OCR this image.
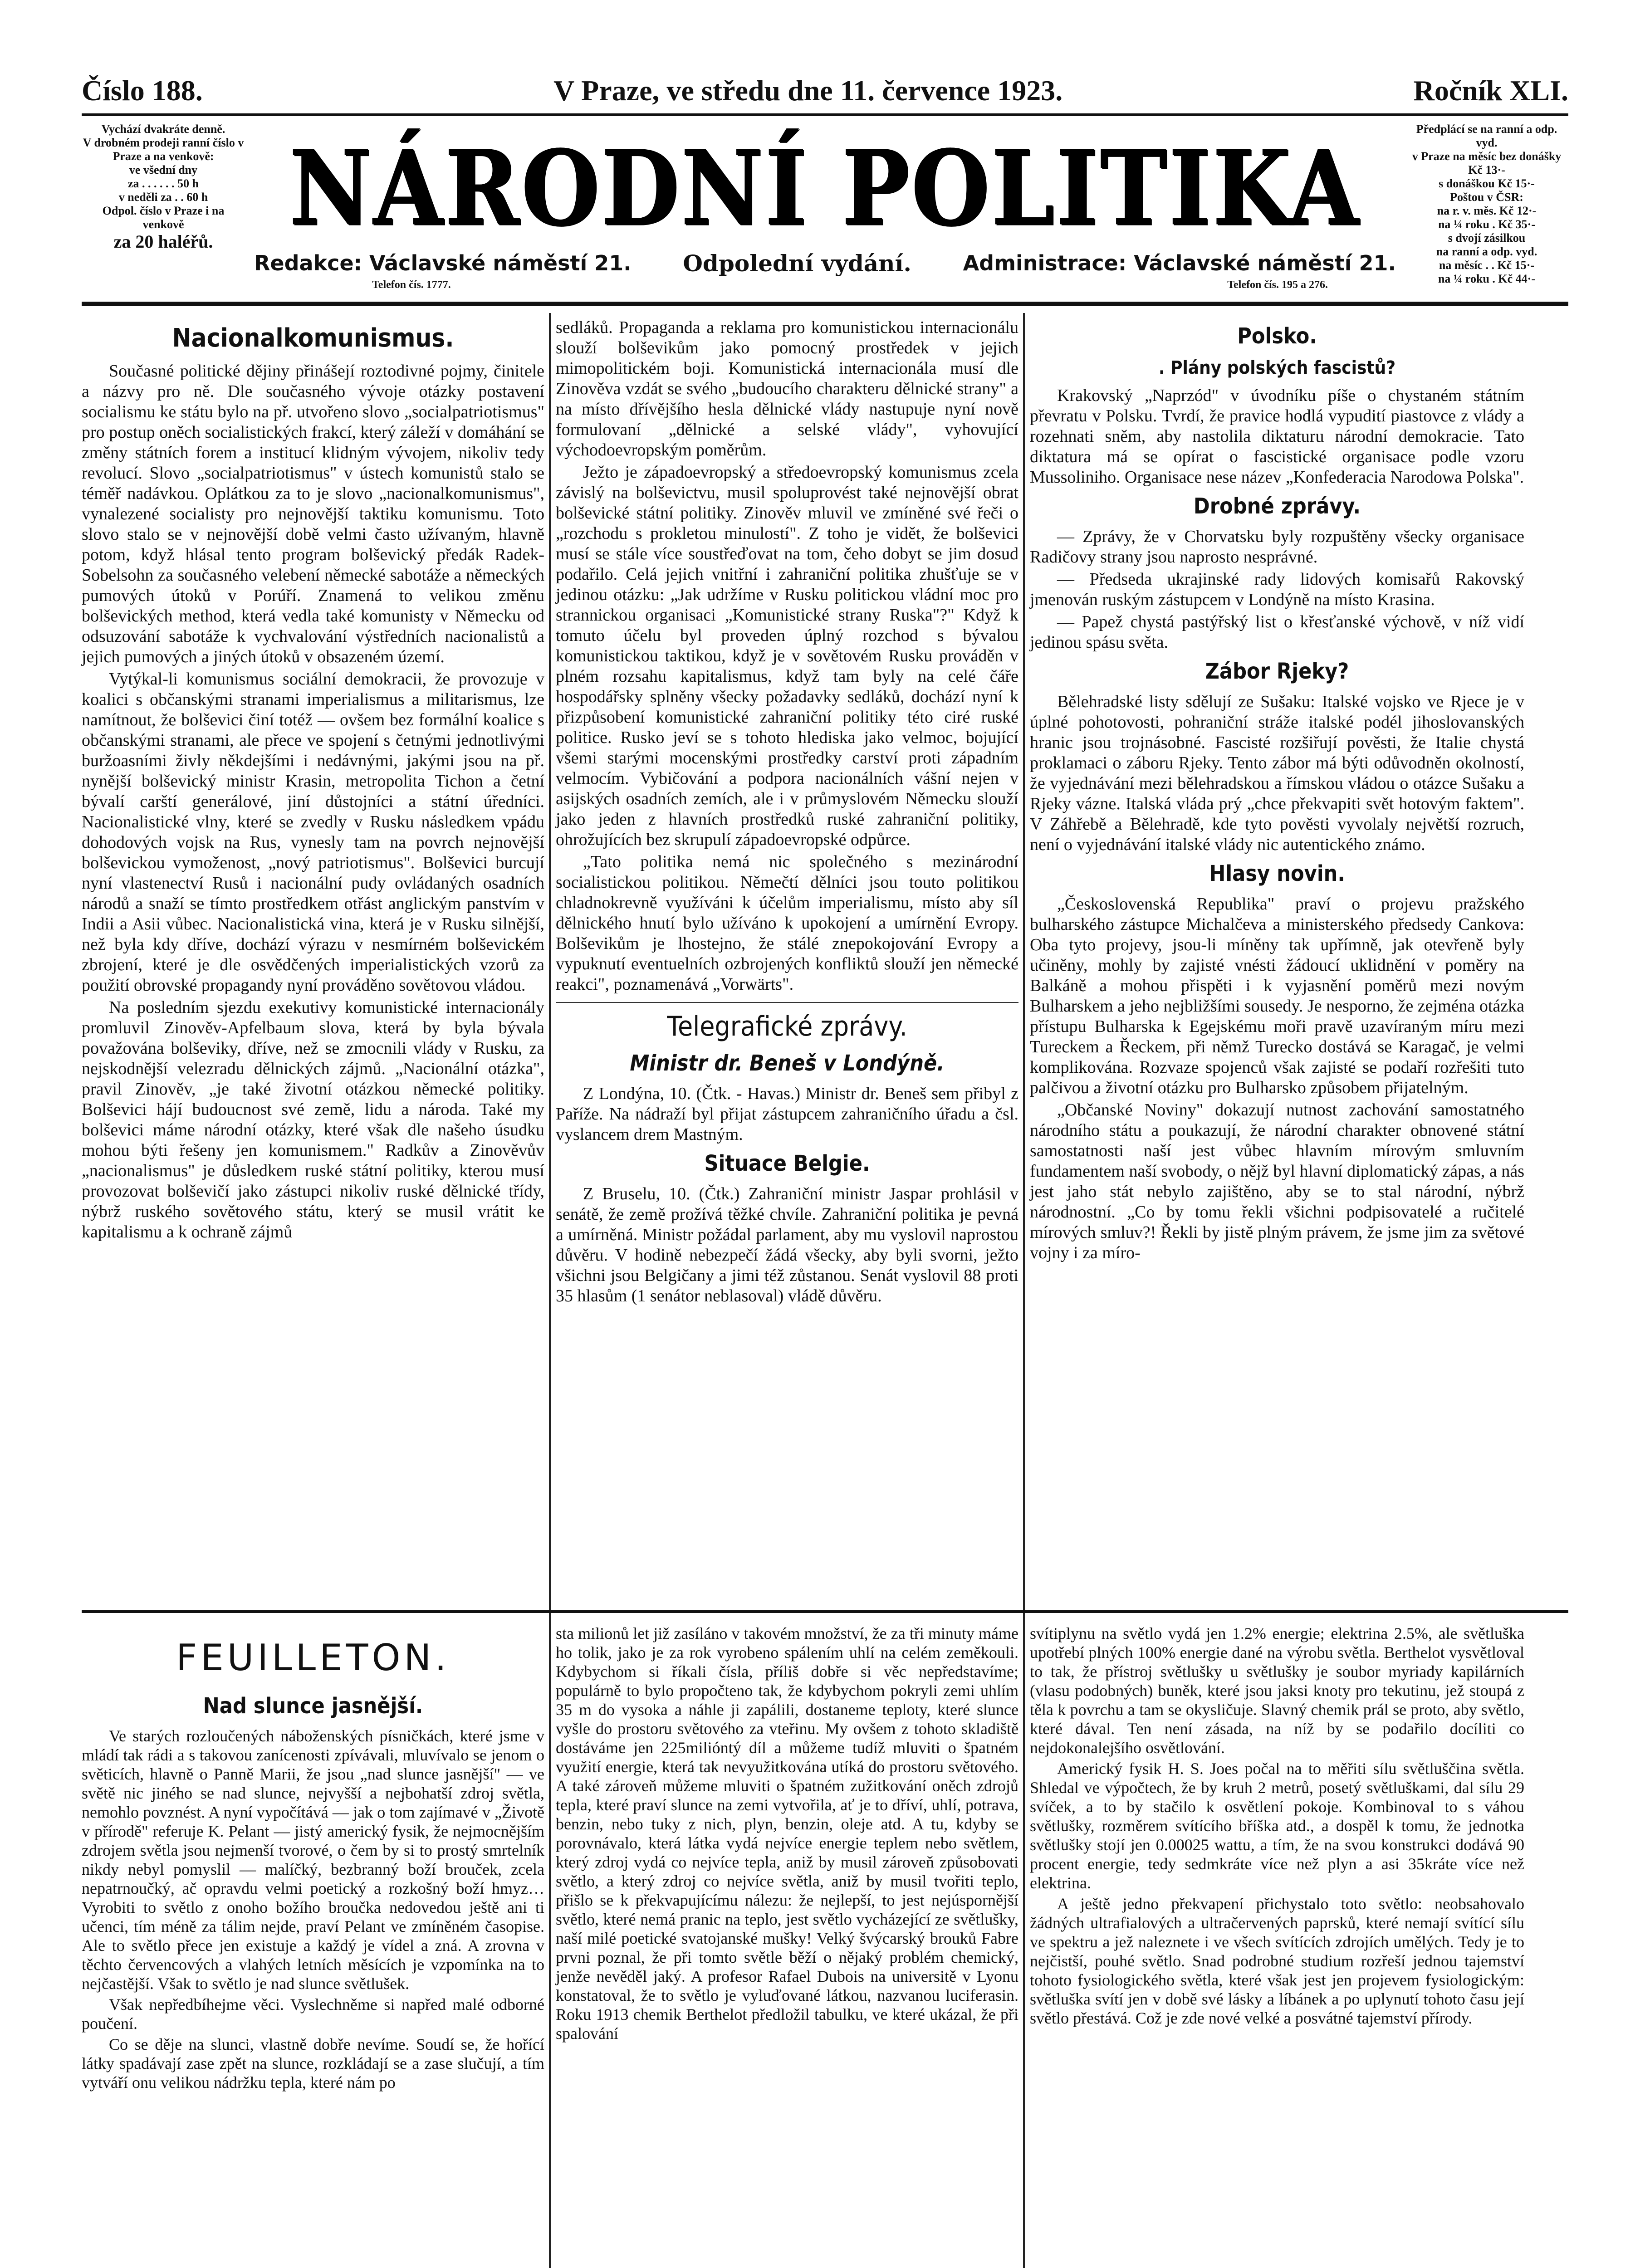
Číslo 188.	V Praze, ve středu dne 11. července 1923.	Ročník XLI.
Vychází dvakráte denně.
V drobném prodeji ranní číslo v Praze a na venkově:
ve všední dny
za . . . . . . 50 h
v neděli za . . 60 h
Odpol. číslo v Praze i na venkově
za 20 haléřů.
Předplácí se na ranní a odp. vyd.
v Praze na měsíc bez donášky Kč 13·-
s donáškou Kč 15·-
Poštou v ČSR:
na r. v. měs. Kč 12·-
na ¼ roku . Kč 35·-
s dvojí zásilkou
na ranní a odp. vyd.
na měsíc . . Kč 15·-
na ¼ roku . Kč 44·-
NÁRODNÍ POLITIKA
Redakce: Václavské náměstí 21. Odpolední vydání. Administrace: Václavské náměstí 21.
Telefon čís. 1777.	Telefon čís. 195 a 276.
Nacionalkomunismus.

Současné politické dějiny přinášejí roztodivné pojmy, činitele a názvy pro ně. Dle současného vývoje otázky postavení socialismu ke státu bylo na př. utvořeno slovo „socialpatriotismus" pro postup oněch socialistických frakcí, který záleží v domáhání se změny státních forem a institucí klidným vývojem, nikoliv tedy revolucí. Slovo „socialpatriotismus" v ústech komunistů stalo se téměř nadávkou. Oplátkou za to je slovo „nacionalkomunismus", vynalezené socialisty pro nejnovější taktiku komunismu. Toto slovo stalo se v nejnovější době velmi často užívaným, hlavně potom, když hlásal tento program bolševický předák Radek-Sobelsohn za současného velebení německé sabotáže a německých pumových útoků v Porúří. Znamená to velikou změnu bolševických method, která vedla také komunisty v Německu od odsuzování sabotáže k vychvalování výstředních nacionalistů a jejich pumových a jiných útoků v obsazeném území.

Vytýkal-li komunismus sociální demokracii, že provozuje v koalici s občanskými stranami imperialismus a militarismus, lze namítnout, že bolševici činí totéž — ovšem bez formální koalice s občanskými stranami, ale přece ve spojení s četnými jednotlivými buržoasními živly někdejšími i nedávnými, jakými jsou na př. nynější bolševický ministr Krasin, metropolita Tichon a četní bývalí carští generálové, jiní důstojníci a státní úředníci. Nacionalistické vlny, které se zvedly v Rusku následkem vpádu dohodových vojsk na Rus, vynesly tam na povrch nejnovější bolševickou vymoženost, „nový patriotismus". Bolševici burcují nyní vlastenectví Rusů i nacionální pudy ovládaných osadních národů a snaží se tímto prostředkem otřást anglickým panstvím v Indii a Asii vůbec. Nacionalistická vina, která je v Rusku silnější, než byla kdy dříve, dochází výrazu v nesmírném bolševickém zbrojení, které je dle osvědčených imperialistických vzorů za použití obrovské propagandy nyní prováděno sovětovou vládou.

Na posledním sjezdu exekutivy komunistické internacionály promluvil Zinověv-Apfelbaum slova, která by byla bývala považována bolševiky, dříve, než se zmocnili vlády v Rusku, za nejskodnější velezradu dělnických zájmů. „Nacionální otázka", pravil Zinověv, „je také životní otázkou německé politiky. Bolševici hájí budoucnost své země, lidu a národa. Také my bolševici máme národní otázky, které však dle našeho úsudku mohou býti řešeny jen komunismem." Radkův a Zinověvův „nacionalismus" je důsledkem ruské státní politiky, kterou musí provozovat bolševičí jako zástupci nikoliv ruské dělnické třídy, nýbrž ruského sovětového státu, který se musil vrátit ke kapitalismu a k ochraně zájmů

sedláků. Propaganda a reklama pro komunistickou internacionálu slouží bolševikům jako pomocný prostředek v jejich mimopolitickém boji. Komunistická internacionála musí dle Zinověva vzdát se svého „budoucího charakteru dělnické strany" a na místo dřívějšího hesla dělnické vlády nastupuje nyní nově formulovaní „dělnické a selské vlády", vyhovující východoevropským poměrům.

Ježto je západoevropský a středoevropský komunismus zcela závislý na bolševictvu, musil spoluprovést také nejnovější obrat bolševické státní politiky. Zinověv mluvil ve zmíněné své řeči o „rozchodu s prokletou minulostí". Z toho je vidět, že bolševici musí se stále více soustřeďovat na tom, čeho dobyt se jim dosud podařilo. Celá jejich vnitřní i zahraniční politika zhušťuje se v jedinou otázku: „Jak udržíme v Rusku politickou vládní moc pro strannickou organisaci „Komunistické strany Ruska"?" Když k tomuto účelu byl proveden úplný rozchod s bývalou komunistickou taktikou, když je v sovětovém Rusku prováděn v plném rozsahu kapitalismus, když tam byly na celé čáře hospodářsky splněny všecky požadavky sedláků, dochází nyní k přizpůsobení komunistické zahraniční politiky této ciré ruské politice. Rusko jeví se s tohoto hlediska jako velmoc, bojující všemi starými mocenskými prostředky carství proti západním velmocím. Vybičování a podpora nacionálních vášní nejen v asijských osadních zemích, ale i v průmyslovém Německu slouží jako jeden z hlavních prostředků ruské zahraniční politiky, ohrožujících bez skrupulí západoevropské odpůrce.

„Tato politika nemá nic společného s mezinárodní socialistickou politikou. Němečtí dělníci jsou touto politikou chladnokrevně využíváni k účelům imperialismu, místo aby síl dělnického hnutí bylo užíváno k upokojení a umírnění Evropy. Bolševikům je lhostejno, že stálé znepokojování Evropy a vypuknutí eventuelních ozbrojených konfliktů slouží jen německé reakci", poznamenává „Vorwärts".

Telegrafické zprávy.
Ministr dr. Beneš v Londýně.

Z Londýna, 10. (Čtk. - Havas.) Ministr dr. Beneš sem přibyl z Paříže. Na nádraží byl přijat zástupcem zahraničního úřadu a čsl. vyslancem drem Mastným.

Situace Belgie.

Z Bruselu, 10. (Čtk.) Zahraniční ministr Jaspar prohlásil v senátě, že země prožívá těžké chvíle. Zahraniční politika je pevná a umírněná. Ministr požádal parlament, aby mu vyslovil naprostou důvěru. V hodině nebezpečí žádá všecky, aby byli svorni, ježto všichni jsou Belgičany a jimi též zůstanou. Senát vyslovil 88 proti 35 hlasům (1 senátor neblasoval) vládě důvěru.

Polsko.
. Plány polských fascistů?

Krakovský „Naprzód" v úvodníku píše o chystaném státním převratu v Polsku. Tvrdí, že pravice hodlá vypudití piastovce z vlády a rozehnati sněm, aby nastolila diktaturu národní demokracie. Tato diktatura má se opírat o fascistické organisace podle vzoru Mussoliniho. Organisace nese název „Konfederacia Narodowa Polska".

Drobné zprávy.

— Zprávy, že v Chorvatsku byly rozpuštěny všecky organisace Radičovy strany jsou naprosto nesprávné.

— Předseda ukrajinské rady lidových komisařů Rakovský jmenován ruským zástupcem v Londýně na místo Krasina.

— Papež chystá pastýřský list o křesťanské výchově, v níž vidí jedinou spásu světa.

Zábor Rjeky?

Bělehradské listy sdělují ze Sušaku: Italské vojsko ve Rjece je v úplné pohotovosti, pohraniční stráže italské podél jihoslovanských hranic jsou trojnásobné. Fascisté rozšiřují pověsti, že Italie chystá proklamaci o záboru Rjeky. Tento zábor má býti odůvodněn okolností, že vyjednávání mezi bělehradskou a římskou vládou o otázce Sušaku a Rjeky vázne. Italská vláda prý „chce překvapiti svět hotovým faktem". V Záhřebě a Bělehradě, kde tyto pověsti vyvolaly největší rozruch, není o vyjednávání italské vlády nic autentického známo.

Hlasy novin.

„Československá Republika" praví o projevu pražského bulharského zástupce Michalčeva a ministerského předsedy Cankova: Oba tyto projevy, jsou-li míněny tak upřímně, jak otevřeně byly učiněny, mohly by zajisté vnésti žádoucí uklidnění v poměry na Balkáně a mohou přispěti i k vyjasnění poměrů mezi novým Bulharskem a jeho nejbližšími sousedy. Je nesporno, že zejména otázka přístupu Bulharska k Egejskému moři pravě uzavíraným míru mezi Tureckem a Řeckem, při němž Turecko dostává se Karagač, je velmi komplikována. Rozvaze spojenců však zajisté se podaří rozřešiti tuto palčivou a životní otázku pro Bulharsko způsobem přijatelným.

„Občanské Noviny" dokazují nutnost zachování samostatného národního státu a poukazují, že národní charakter obnovené státní samostatnosti naší jest vůbec hlavním mírovým smluvním fundamentem naší svobody, o nějž byl hlavní diplomatický zápas, a nás jest jaho stát nebylo zajištěno, aby se to stal národní, nýbrž národnostní. „Co by tomu řekli všichni podpisovatelé a ručitelé mírových smluv?! Řekli by jistě plným právem, že jsme jim za světové vojny i za míro-

FEUILLETON.
Nad slunce jasnější.

Ve starých rozloučených náboženských písničkách, které jsme v mládí tak rádi a s takovou zanícenosti zpívávali, mluvívalo se jenom o světicích, hlavně o Panně Marii, že jsou „nad slunce jasnější" — ve světě nic jiného se nad slunce, nejvyšší a nejbohatší zdroj světla, nemohlo povznést. A nyní vypočítává — jak o tom zajímavé v „Životě v přírodě" referuje K. Pelant — jistý americký fysik, že nejmocnějším zdrojem světla jsou nejmenší tvorové, o čem by si to prostý smrtelník nikdy nebyl pomyslil — malíčký, bezbranný boží brouček, zcela nepatrnoučký, ač opravdu velmi poetický a rozkošný boží hmyz… Vyrobiti to světlo z onoho božího broučka nedovedou ještě ani ti učenci, tím méně za tálim nejde, praví Pelant ve zmíněném časopise. Ale to světlo přece jen existuje a každý je vídel a zná. A zrovna v těchto červencových a vlahých letních měsících je vzpomínka na to nejčastější. Však to světlo je nad slunce světlušek.

Však nepředbíhejme věci. Vyslechněme si napřed malé odborné poučení.

Co se děje na slunci, vlastně dobře nevíme. Soudí se, že hořící látky spadávají zase zpět na slunce, rozkládají se a zase slučují, a tím vytváří onu velikou nádržku tepla, které nám po

sta milionů let již zasíláno v takovém množství, že za tři minuty máme ho tolik, jako je za rok vyrobeno spálením uhlí na celém zeměkouli. Kdybychom si říkali čísla, příliš dobře si věc nepředstavíme; populárně to bylo propočteno tak, že kdybychom pokryli zemi uhlím 35 m do vysoka a náhle ji zapálili, dostaneme teploty, které slunce vyšle do prostoru světového za vteřinu. My ovšem z tohoto skladiště dostáváme jen 225milióntý díl a můžeme tudíž mluviti o špatném využití energie, která tak nevyužitkována utíká do prostoru světového. A také zároveň můžeme mluviti o špatném zužitkování oněch zdrojů tepla, které praví slunce na zemi vytvořila, ať je to dříví, uhlí, potrava, benzin, nebo tuky z nich, plyn, benzin, oleje atd. A tu, kdyby se porovnávalo, která látka vydá nejvíce energie teplem nebo světlem, který zdroj vydá co nejvíce tepla, aniž by musil zároveň způsobovati světlo, a který zdroj co nejvíce světla, aniž by musil tvořiti teplo, přišlo se k překvapujícímu nálezu: že nejlepší, to jest nejúspornější světlo, které nemá pranic na teplo, jest světlo vycházející ze světlušky, naší milé poetické svatojanské mušky! Velký švýcarský brouků Fabre prvni poznal, že při tomto světle běží o nějaký problém chemický, jenže nevěděl jaký. A profesor Rafael Dubois na universitě v Lyonu konstatoval, že to světlo je vyluďované látkou, nazvanou luciferasin. Roku 1913 chemik Berthelot předložil tabulku, ve které ukázal, že při spalování

svítiplynu na světlo vydá jen 1.2% energie; elektrina 2.5%, ale světluška upotřebí plných 100% energie dané na výrobu světla. Berthelot vysvětloval to tak, že přístroj světlušky u světlušky je soubor myriady kapilárních (vlasu podobných) buněk, které jsou jaksi knoty pro tekutinu, jež stoupá z těla k povrchu a tam se okysličuje. Slavný chemik prál se proto, aby světlo, které dával. Ten není zásada, na níž by se podařilo docíliti co nejdokonalejšího osvětlování.

Americký fysik H. S. Joes počal na to měřiti sílu světluščina světla. Shledal ve výpočtech, že by kruh 2 metrů, posetý světluškami, dal sílu 29 svíček, a to by stačilo k osvětlení pokoje. Kombinoval to s váhou světlušky, rozměrem svítícího bříška atd., a dospěl k tomu, že jednotka světlušky stojí jen 0.00025 wattu, a tím, že na svou konstrukci dodává 90 procent energie, tedy sedmkráte více než plyn a asi 35kráte více než elektrina.

A ještě jedno překvapení přichystalo toto světlo: neobsahovalo žádných ultrafialových a ultračervených paprsků, které nemají svítící sílu ve spektru a jež naleznete i ve všech svítících zdrojích umělých. Tedy je to nejčistší, pouhé světlo. Snad podrobné studium rozřeší jednou tajemství tohoto fysiologického světla, které však jest jen projevem fysiologickým: světluška svítí jen v době své lásky a líbánek a po uplynutí tohoto času její světlo přestává. Což je zde nové velké a posvátné tajemství přírody.
